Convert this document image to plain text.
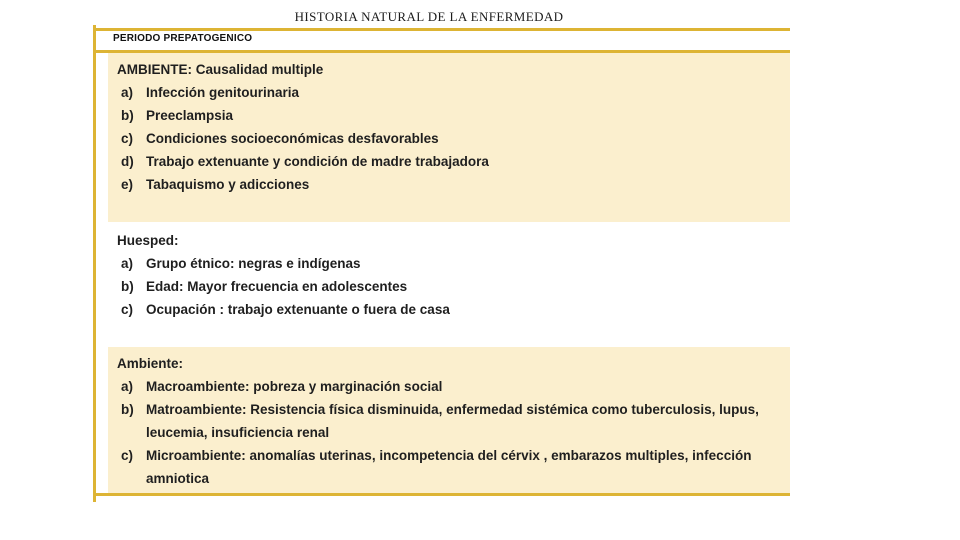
HISTORIA NATURAL DE LA ENFERMEDAD
PERIODO PREPATOGENICO
AMBIENTE: Causalidad multiple
a) Infección genitourinaria
b) Preeclampsia
c) Condiciones socioeconómicas desfavorables
d) Trabajo extenuante y condición de madre trabajadora
e) Tabaquismo y adicciones
Huesped:
a) Grupo étnico: negras e indígenas
b) Edad: Mayor frecuencia en adolescentes
c) Ocupación : trabajo extenuante o fuera de casa
Ambiente:
a) Macroambiente: pobreza y marginación social
b) Matroambiente: Resistencia física disminuida, enfermedad sistémica como tuberculosis, lupus, leucemia, insuficiencia renal
c) Microambiente: anomalías uterinas, incompetencia del cérvix , embarazos multiples, infección amniotica
